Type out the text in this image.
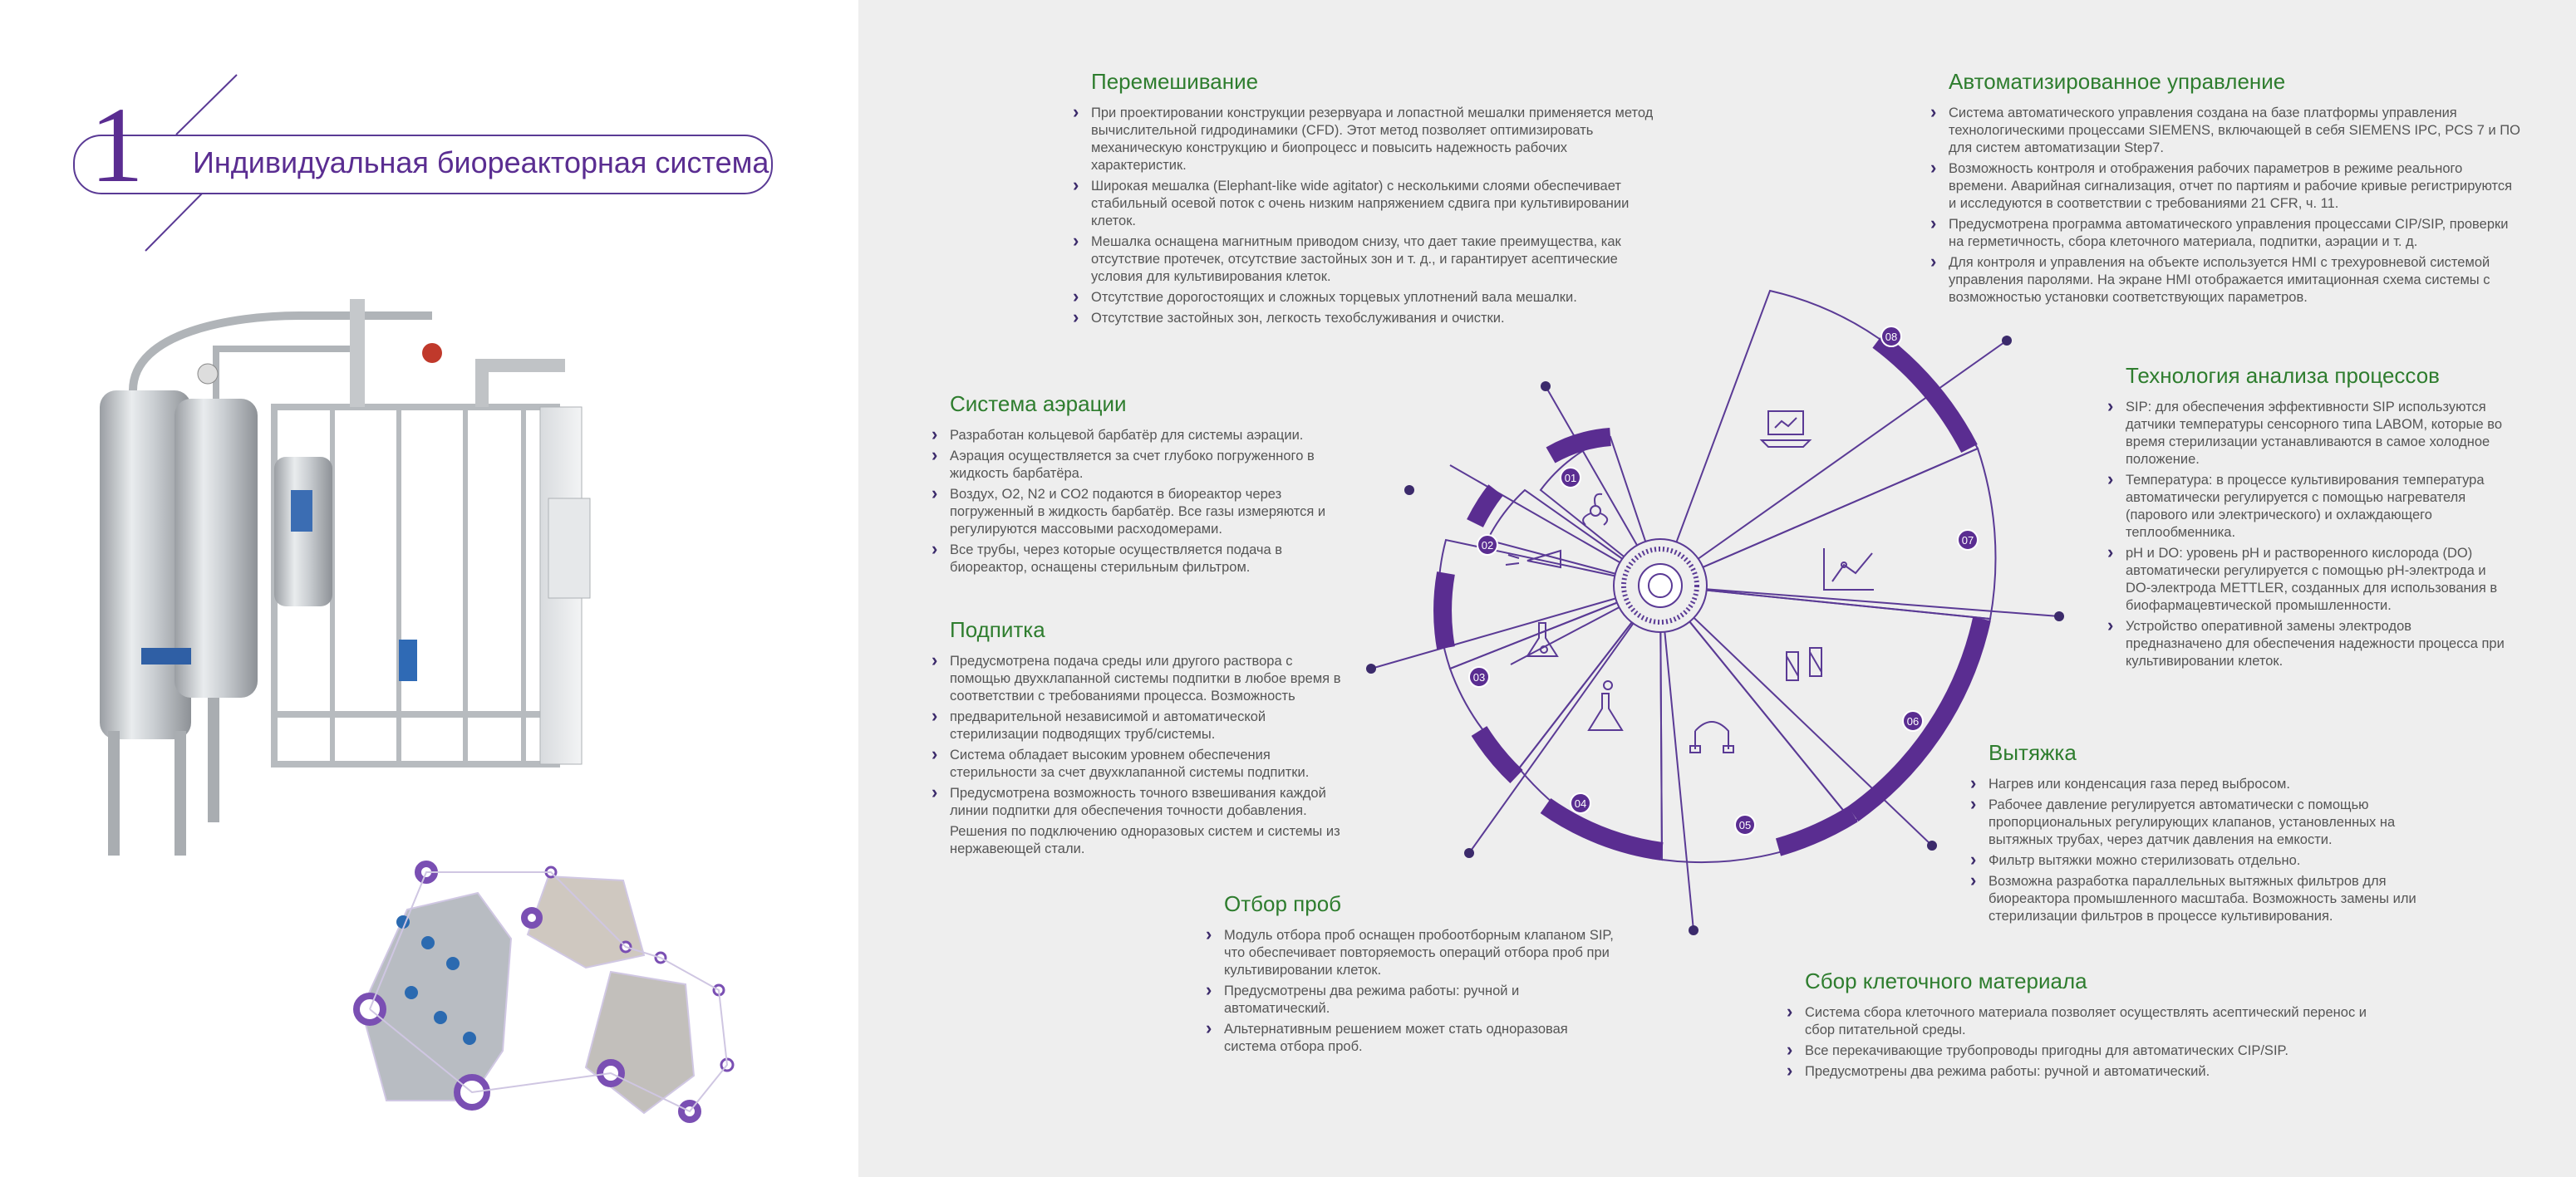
1 Индивидуальная биореакторная система
01
02
03
04
05
06
07
08
Перемешивание
› При проектировании конструкции резервуара и лопастной мешалки применяется метод вычислительной гидродинамики (CFD). Этот метод позволяет оптимизировать механическую конструкцию и биопроцесс и повысить надежность рабочих характеристик.
› Широкая мешалка (Elephant-like wide agitator) с несколькими слоями обеспечивает стабильный осевой поток с очень низким напряжением сдвига при культивировании клеток.
› Мешалка оснащена магнитным приводом снизу, что дает такие преимущества, как отсутствие протечек, отсутствие застойных зон и т. д., и гарантирует асептические условия для культивирования клеток.
› Отсутствие дорогостоящих и сложных торцевых уплотнений вала мешалки.
› Отсутствие застойных зон, легкость техобслуживания и очистки.
Автоматизированное управление
› Система автоматического управления создана на базе платформы управления технологическими процессами SIEMENS, включающей в себя SIEMENS IPC, PCS 7 и ПО для систем автоматизации Step7.
› Возможность контроля и отображения рабочих параметров в режиме реального времени. Аварийная сигнализация, отчет по партиям и рабочие кривые регистрируются и исследуются в соответствии с требованиями 21 CFR, ч. 11.
› Предусмотрена программа автоматического управления процессами CIP/SIP, проверки на герметичность, сбора клеточного материала, подпитки, аэрации и т. д.
› Для контроля и управления на объекте используется HMI с трехуровневой системой управления паролями. На экране HMI отображается имитационная схема системы с возможностью установки соответствующих параметров.
Система аэрации
› Разработан кольцевой барбатёр для системы аэрации.
› Аэрация осуществляется за счет глубоко погруженного в жидкость барбатёра.
› Воздух, O2, N2 и CO2 подаются в биореактор через погруженный в жидкость барбатёр. Все газы измеряются и регулируются массовыми расходомерами.
› Все трубы, через которые осуществляется подача в биореактор, оснащены стерильным фильтром.
Технология анализа процессов
› SIP: для обеспечения эффективности SIP используются датчики температуры сенсорного типа LABOM, которые во время стерилизации устанавливаются в самое холодное положение.
› Температура: в процессе культивирования температура автоматически регулируется с помощью нагревателя (парового или электрического) и охлаждающего теплообменника.
› pH и DO: уровень pH и растворенного кислорода (DO) автоматически регулируется с помощью pH-электрода и DO-электрода METTLER, созданных для использования в биофармацевтической промышленности.
› Устройство оперативной замены электродов предназначено для обеспечения надежности процесса при культивировании клеток.
Подпитка
› Предусмотрена подача среды или другого раствора с помощью двухклапанной системы подпитки в любое время в соответствии с требованиями процесса. Возможность
› предварительной независимой и автоматической стерилизации подводящих труб/системы.
› Система обладает высоким уровнем обеспечения стерильности за счет двухклапанной системы подпитки.
› Предусмотрена возможность точного взвешивания каждой линии подпитки для обеспечения точности добавления.
Решения по подключению одноразовых систем и системы из нержавеющей стали.
Вытяжка
› Нагрев или конденсация газа перед выбросом.
› Рабочее давление регулируется автоматически с помощью пропорциональных регулирующих клапанов, установленных на вытяжных трубах, через датчик давления на емкости.
› Фильтр вытяжки можно стерилизовать отдельно.
› Возможна разработка параллельных вытяжных фильтров для биореактора промышленного масштаба. Возможность замены или стерилизации фильтров в процессе культивирования.
Отбор проб
› Модуль отбора проб оснащен пробоотборным клапаном SIP, что обеспечивает повторяемость операций отбора проб при культивировании клеток.
› Предусмотрены два режима работы: ручной и автоматический.
› Альтернативным решением может стать одноразовая система отбора проб.
Сбор клеточного материала
› Система сбора клеточного материала позволяет осуществлять асептический перенос и сбор питательной среды.
› Все перекачивающие трубопроводы пригодны для автоматических CIP/SIP.
› Предусмотрены два режима работы: ручной и автоматический.
